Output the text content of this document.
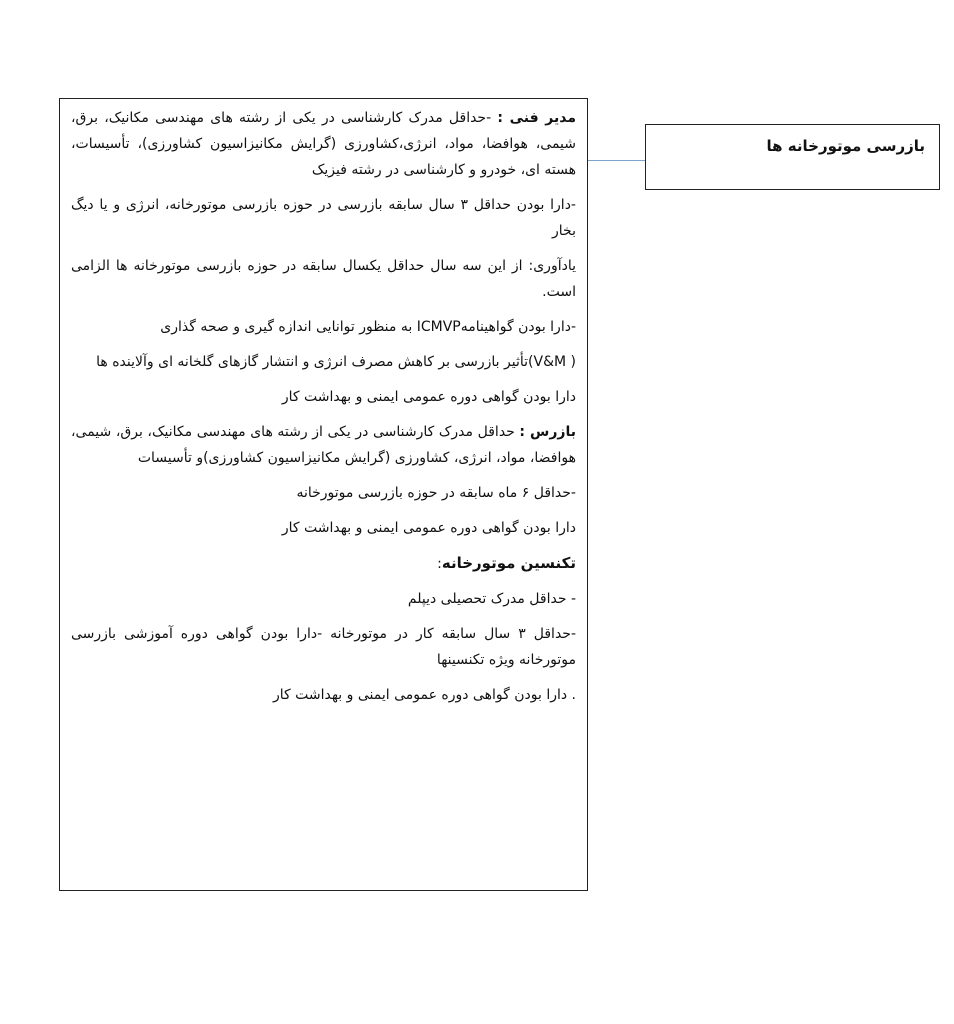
بازرسی موتورخانه ها

مدیر فنی : -حداقل مدرک کارشناسی در یکی از رشته های مهندسی مکانیک، برق، شیمی، هوافضا، مواد، انرژی،کشاورزی (گرایش مکانیزاسیون کشاورزی)، تأسیسات، هسته ای، خودرو و کارشناسی در رشته فیزیک

-دارا بودن حداقل ۳ سال سابقه بازرسی در حوزه بازرسی موتورخانه، انرژی و یا دیگ بخار

یادآوری: از این سه سال حداقل یکسال سابقه در حوزه بازرسی موتورخانه ها الزامی است.

-دارا بودن گواهینامهICMVP به منظور توانایی اندازه گیری و صحه گذاری

( V&M)تأثیر بازرسی بر کاهش مصرف انرژی و انتشار گازهای گلخانه ای وآلاینده ها

دارا بودن گواهی دوره عمومی ایمنی و بهداشت کار

بازرس : حداقل مدرک کارشناسی در یکی از رشته های مهندسی مکانیک، برق، شیمی، هوافضا، مواد، انرژی، کشاورزی (گرایش مکانیزاسیون کشاورزی)و تأسیسات

-حداقل ۶ ماه سابقه در حوزه بازرسی موتورخانه

دارا بودن گواهی دوره عمومی ایمنی و بهداشت کار

تکنسین موتورخانه:

- حداقل مدرک تحصیلی دیپلم

-حداقل ۳ سال سابقه کار در موتورخانه -دارا بودن گواهی دوره آموزشی بازرسی موتورخانه ویژه تکنسینها

. دارا بودن گواهی دوره عمومی ایمنی و بهداشت کار
